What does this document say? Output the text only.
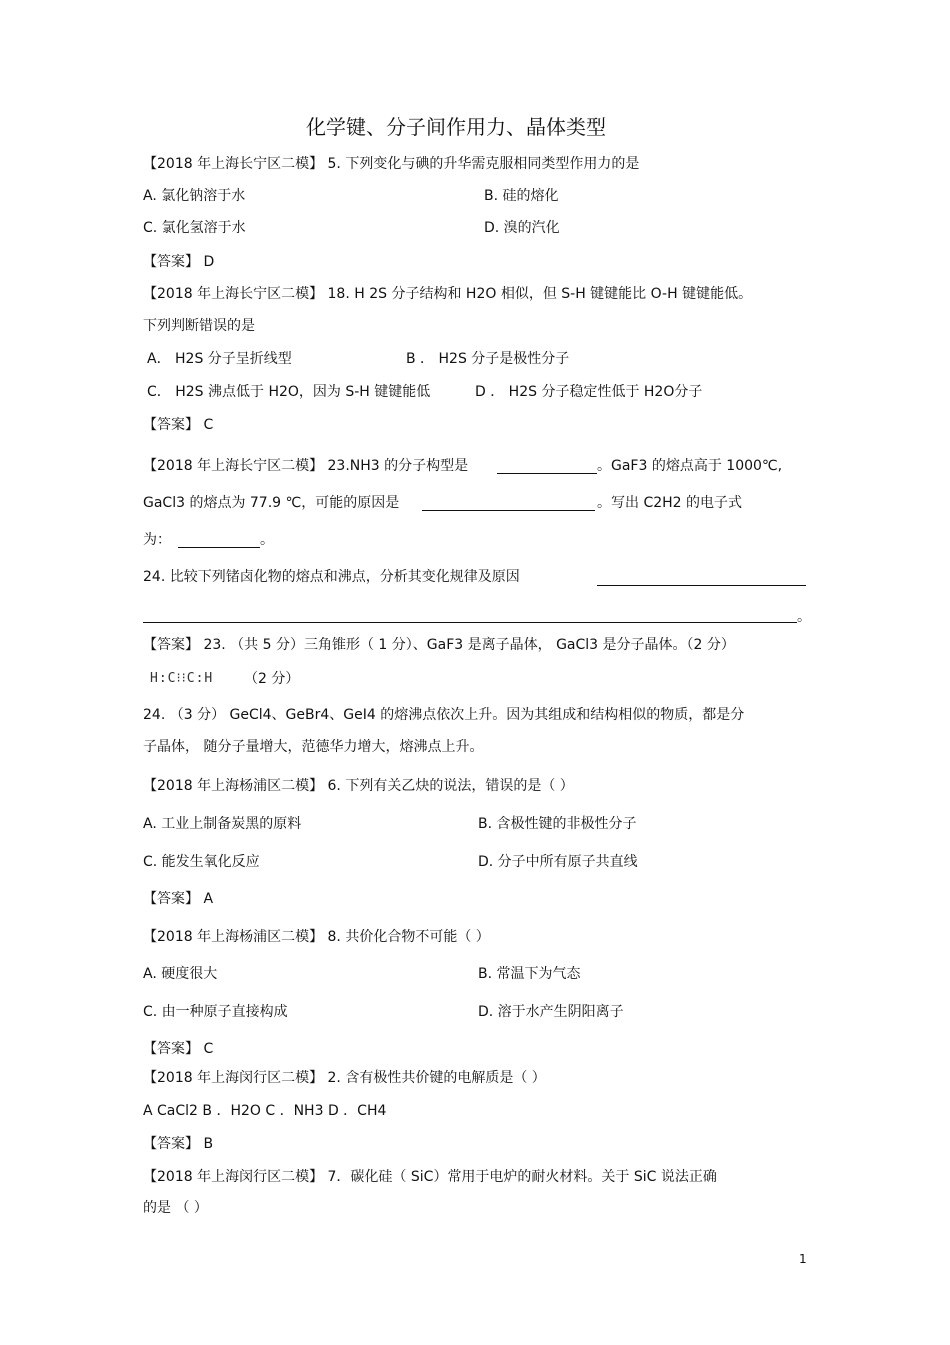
化学键、分子间作用力、晶体类型
【2018 年上海长宁区二模】 5. 下列变化与碘的升华需克服相同类型作用力的是
A. 氯化钠溶于水	B. 硅的熔化
C. 氯化氢溶于水	D. 溴的汽化
【答案】 D
【2018 年上海长宁区二模】 18. H 2S 分子结构和 H2O 相似，但 S-H 键键能比 O-H 键键能低。
下列判断错误的是
A． H2S 分子呈折线型	B ． H2S 分子是极性分子
C． H2S 沸点低于 H2O，因为 S-H 键键能低	D ． H2S 分子稳定性低于 H2O分子
【答案】 C
【2018 年上海长宁区二模】 23.NH3 的分子构型是	。GaF3 的熔点高于 1000℃,
GaCl3 的熔点为 77.9 ℃，可能的原因是	。写出 C2H2 的电子式
为：	。
24. 比较下列锗卤化物的熔点和沸点，分析其变化规律及原因
。
【答案】 23. （共 5 分）三角锥形（ 1 分）、GaF3 是离子晶体， GaCl3 是分子晶体。（2 分）
H:C⁝⁝C:H （2 分）
24. （3 分） GeCl4、GeBr4、GeI4 的熔沸点依次上升。因为其组成和结构相似的物质，都是分
子晶体， 随分子量增大，范德华力增大，熔沸点上升。
【2018 年上海杨浦区二模】 6. 下列有关乙炔的说法，错误的是（ ）
A. 工业上制备炭黑的原料	B. 含极性键的非极性分子
C. 能发生氧化反应	D. 分子中所有原子共直线
【答案】 A
【2018 年上海杨浦区二模】 8. 共价化合物不可能（ ）
A. 硬度很大	B. 常温下为气态
C. 由一种原子直接构成	D. 溶于水产生阴阳离子
【答案】 C
【2018 年上海闵行区二模】 2. 含有极性共价键的电解质是（ ）
A CaCl2 B ．H2O C ．NH3 D ．CH4
【答案】 B
【2018 年上海闵行区二模】 7．碳化硅（ SiC）常用于电炉的耐火材料。关于 SiC 说法正确
的是 （ ）
1
